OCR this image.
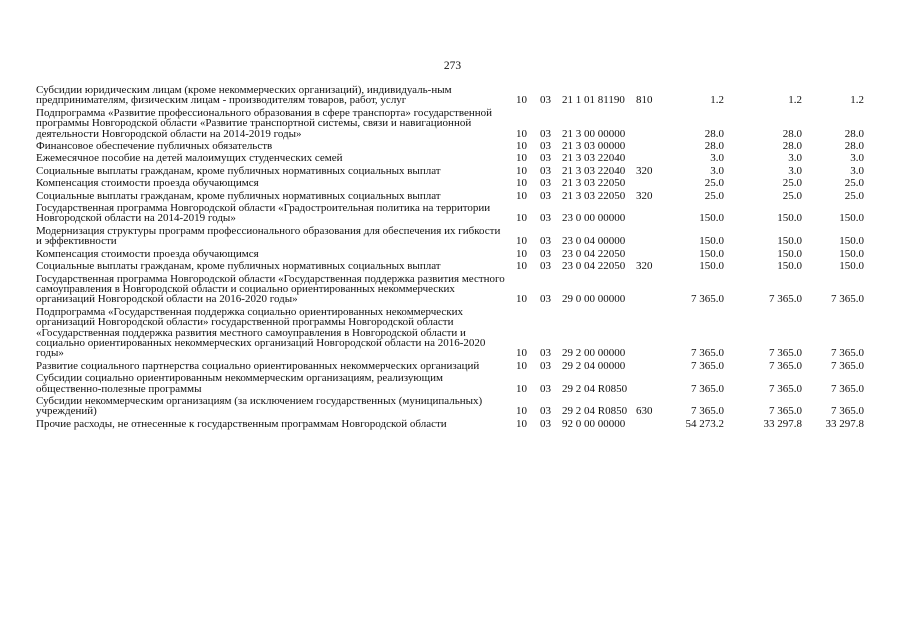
273
Субсидии юридическим лицам (кроме некоммерческих организаций), индивидуаль-ным предпринимателям, физическим лицам - производителям товаров, работ, услуг	10	03	21 1 01 81190	810	1.2	1.2	1.2
Подпрограмма «Развитие профессионального образования в сфере транспорта» государственной программы Новгородской области «Развитие транспортной системы, связи и навигационной деятельности Новгородской области на 2014-2019 годы»	10	03	21 3 00 00000		28.0	28.0	28.0
Финансовое обеспечение публичных обязательств	10	03	21 3 03 00000		28.0	28.0	28.0
Ежемесячное пособие на детей малоимущих студенческих семей	10	03	21 3 03 22040		3.0	3.0	3.0
Социальные выплаты гражданам, кроме публичных нормативных социальных выплат	10	03	21 3 03 22040	320	3.0	3.0	3.0
Компенсация стоимости проезда обучающимся	10	03	21 3 03 22050		25.0	25.0	25.0
Социальные выплаты гражданам, кроме публичных нормативных социальных выплат	10	03	21 3 03 22050	320	25.0	25.0	25.0
Государственная программа Новгородской области «Градостроительная политика на территории Новгородской области на 2014-2019 годы»	10	03	23 0 00 00000		150.0	150.0	150.0
Модернизация структуры программ профессионального образования для обеспечения их гибкости и эффективности	10	03	23 0 04 00000		150.0	150.0	150.0
Компенсация стоимости проезда обучающимся	10	03	23 0 04 22050		150.0	150.0	150.0
Социальные выплаты гражданам, кроме публичных нормативных социальных выплат	10	03	23 0 04 22050	320	150.0	150.0	150.0
Государственная программа Новгородской области «Государственная поддержка развития местного самоуправления в Новгородской области и социально ориентированных некоммерческих организаций Новгородской области на 2016-2020 годы»	10	03	29 0 00 00000		7 365.0	7 365.0	7 365.0
Подпрограмма «Государственная поддержка социально ориентированных некоммерческих организаций Новгородской области» государственной программы Новгородской области «Государственная поддержка развития местного самоуправления в Новгородской области и социально ориентированных некоммерческих организаций Новгородской области на 2016-2020 годы»	10	03	29 2 00 00000		7 365.0	7 365.0	7 365.0
Развитие социального партнерства социально ориентированных некоммерческих организаций	10	03	29 2 04 00000		7 365.0	7 365.0	7 365.0
Субсидии социально ориентированным некоммерческим организациям, реализующим общественно-полезные программы	10	03	29 2 04 R0850		7 365.0	7 365.0	7 365.0
Субсидии некоммерческим организациям (за исключением государственных (муниципальных) учреждений)	10	03	29 2 04 R0850	630	7 365.0	7 365.0	7 365.0
Прочие расходы, не отнесенные к государственным программам Новгородской области	10	03	92 0 00 00000		54 273.2	33 297.8	33 297.8
